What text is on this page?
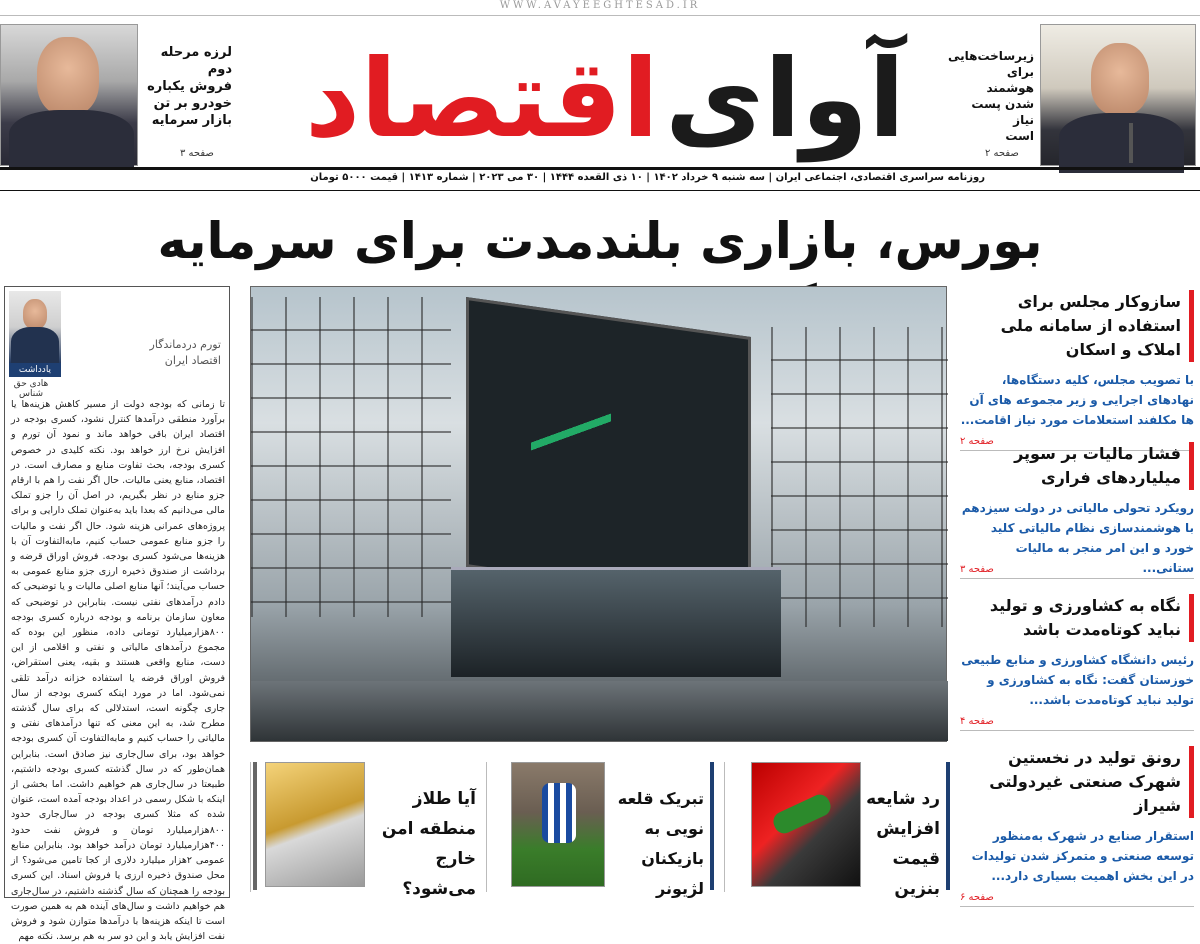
WWW.AVAYEEGHTESAD.IR
لرزه مرحله دوم
فروش یکباره
خودرو بر تن
بازار سرمایه
صفحه ۳	آوای
اقتصاد	زیرساخت‌هایی
برای هوشمند
شدن پست نیاز
است
صفحه ۲
روزنامه سراسری اقتصادی، اجتماعی ایران | سه شنبه ۹ خرداد ۱۴۰۲ | ۱۰ ذی القعده ۱۴۴۴ | ۳۰ می ۲۰۲۳ | شماره ۱۴۱۳ | قیمت ۵۰۰۰ تومان
بورس، بازاری بلندمدت برای سرمایه
سازوکار مجلس برای استفاده از سامانه ملی املاک و اسکان
با تصویب مجلس، کلیه دستگاه‌ها، نهادهای اجرایی و زیر مجموعه های آن ها مکلفند استعلامات مورد نیاز اقامت...
صفحه ۲
فشار مالیات بر سوپر میلیاردهای فراری
رویکرد تحولی مالیاتی در دولت سیزدهم با هوشمندسازی نظام مالیاتی کلید خورد و این امر منجر به مالیات ستانی...
صفحه ۳
نگاه به کشاورزی و تولید نباید کوتاه‌مدت باشد
رئیس دانشگاه کشاورزی و منابع طبیعی خوزستان گفت: نگاه به کشاورزی و تولید نباید کوتاه‌مدت باشد...
صفحه ۴
رونق تولید در نخستین شهرک صنعتی غیردولتی شیراز
استقرار صنایع در شهرک به‌منظور توسعه صنعتی و متمرکز شدن تولیدات در این بخش اهمیت بسیاری دارد...
صفحه ۶
یادداشت
هادی حق شناس
تورم دردماندگار اقتصاد ایران
تا زمانی که بودجه دولت از مسیر کاهش هزینه‌ها یا برآورد منطقی درآمدها کنترل نشود، کسری بودجه در اقتصاد ایران باقی خواهد ماند و نمود آن تورم و افزایش نرخ ارز خواهد بود. نکته کلیدی در خصوص کسری بودجه، بحث تفاوت منابع و مصارف است. در اقتصاد، منابع یعنی مالیات. حال اگر نفت را هم با ارقام جزو منابع در نظر بگیریم، در اصل آن را جزو تملک مالی می‌دانیم که بعدا باید به‌عنوان تملک دارایی و برای پروژه‌های عمرانی هزینه شود. حال اگر نفت و مالیات را جزو منابع عمومی حساب کنیم، مابه‌التفاوت آن با هزینه‌ها می‌شود کسری بودجه. فروش اوراق قرضه و برداشت از صندوق ذخیره ارزی جزو منابع عمومی به حساب می‌آیند؛ آنها منابع اصلی مالیات و یا توضیحی که دادم درآمدهای نفتی نیست. بنابراین در توضیحی که معاون سازمان برنامه و بودجه درباره کسری بودجه ۸۰۰هزارمیلیارد تومانی داده، منظور این بوده که مجموع درآمدهای مالیاتی و نفتی و اقلامی از این دست، منابع واقعی هستند و بقیه، یعنی استقراض، فروش اوراق قرضه یا استفاده خزانه درآمد تلقی نمی‌شود. اما در مورد اینکه کسری بودجه از سال جاری چگونه است، استدلالی که برای سال گذشته مطرح شد، به این معنی که تنها درآمدهای نفتی و مالیاتی را حساب کنیم و مابه‌التفاوت آن کسری بودجه خواهد بود، برای سال‌جاری نیز صادق است. بنابراین همان‌طور که در سال گذشته کسری بودجه داشتیم، طبیعتا در سال‌جاری هم خواهیم داشت. اما بخشی از اینکه با شکل رسمی در اعداد بودجه آمده است، عنوان شده که مثلا کسری بودجه در سال‌جاری حدود ۸۰۰هزارمیلیارد تومان و فروش نفت حدود ۴۰۰هزارمیلیارد تومان درآمد خواهد بود. بنابراین منابع عمومی ۲هزار میلیارد دلاری از کجا تامین می‌شود؟ از محل صندوق ذخیره ارزی یا فروش اسناد. این کسری بودجه را همچنان که سال گذشته داشتیم، در سال‌جاری هم خواهیم داشت و سال‌های آینده هم به همین صورت است تا اینکه هزینه‌ها با درآمدها متوازن شود و فروش نفت افزایش یابد و این دو سر به هم برسد. نکته مهم
رد شایعه افزایش قیمت بنزین
تبریک قلعه نویی به بازیکنان لژیونر
آیا طلاز منطقه امن خارج می‌شود؟
